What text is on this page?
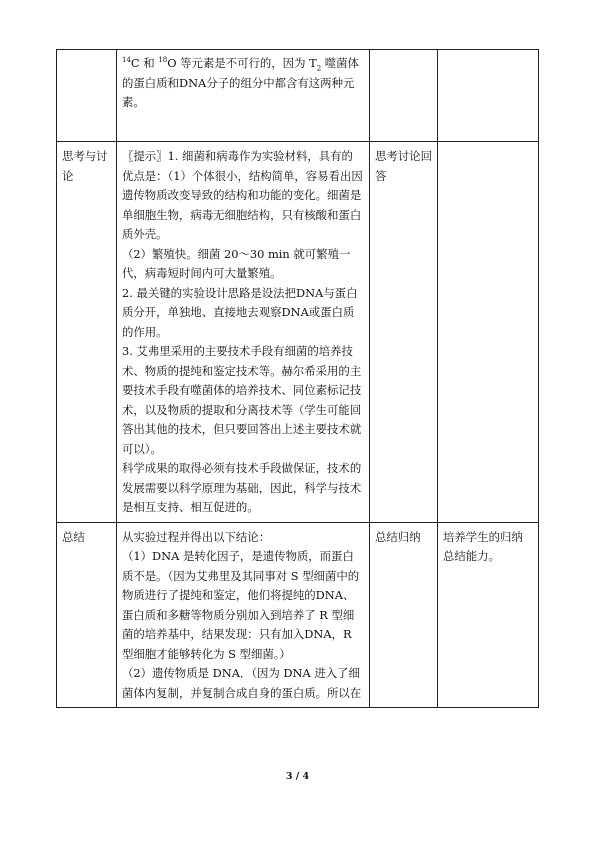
	$^{14}$C 和 $^{18}$O 等元素是不可行的，因为 $T_2$ 噬菌体的蛋白质和DNA分子的组分中都含有这两种元素。		
思考与讨论	〖提示〗1. 细菌和病毒作为实验材料，具有的优点是：（1）个体很小，结构简单，容易看出因遗传物质改变导致的结构和功能的变化。细菌是单细胞生物，病毒无细胞结构，只有核酸和蛋白质外壳。
（2）繁殖快。细菌 20～30 min 就可繁殖一代，病毒短时间内可大量繁殖。
2. 最关键的实验设计思路是设法把DNA与蛋白质分开，单独地、直接地去观察DNA或蛋白质的作用。
3. 艾弗里采用的主要技术手段有细菌的培养技术、物质的提纯和鉴定技术等。赫尔希采用的主要技术手段有噬菌体的培养技术、同位素标记技术，以及物质的提取和分离技术等（学生可能回答出其他的技术，但只要回答出上述主要技术就可以）。
科学成果的取得必须有技术手段做保证，技术的发展需要以科学原理为基础，因此，科学与技术是相互支持、相互促进的。	思考讨论回答	
总结	从实验过程并得出以下结论：
（1）DNA 是转化因子，是遗传物质，而蛋白质不是。（因为艾弗里及其同事对 S 型细菌中的物质进行了提纯和鉴定，他们将提纯的DNA、蛋白质和多糖等物质分别加入到培养了 R 型细菌的培养基中，结果发现：只有加入DNA，R 型细胞才能够转化为 S 型细菌。）
（2）遗传物质是 DNA．（因为 DNA 进入了细菌体内复制，并复制合成自身的蛋白质。所以在	总结归纳	培养学生的归纳总结能力。
3 / 4
